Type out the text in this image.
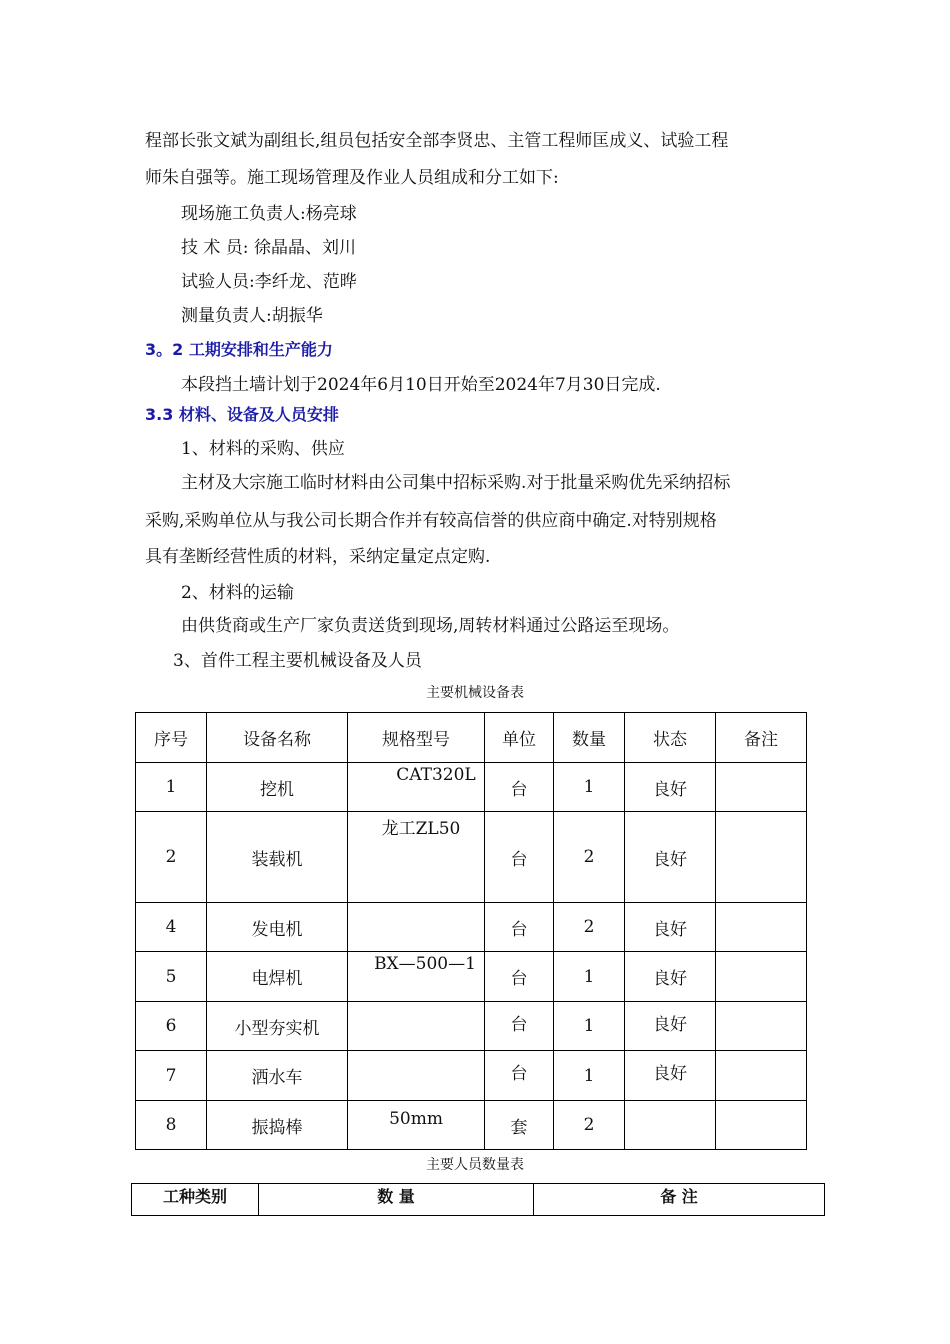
程部长张文斌为副组长,组员包括安全部李贤忠、主管工程师匡成义、试验工程
师朱自强等。施工现场管理及作业人员组成和分工如下:
现场施工负责人:杨亮球
技 术 员: 徐晶晶、刘川
试验人员:李纤龙、范晔
测量负责人:胡振华
3。2 工期安排和生产能力
本段挡土墙计划于2024年6月10日开始至2024年7月30日完成.
3.3 材料、设备及人员安排
1、材料的采购、供应
主材及大宗施工临时材料由公司集中招标采购.对于批量采购优先采纳招标
采购,采购单位从与我公司长期合作并有较高信誉的供应商中确定.对特别规格
具有垄断经营性质的材料，采纳定量定点定购.
2、材料的运输
由供货商或生产厂家负责送货到现场,周转材料通过公路运至现场。
3、首件工程主要机械设备及人员
主要机械设备表
序号	设备名称	规格型号	单位	数量	状态	备注
1	挖机	CAT320L	台	1	良好	
2	装载机	龙工ZL50	台	2	良好	
4	发电机		台	2	良好	
5	电焊机	BX—500—1	台	1	良好	
6	小型夯实机		台	1	良好	

7	洒水车		台	1	良好	

8	振捣棒	50mm	套	2		
主要人员数量表
工种类别	数 量	备 注
